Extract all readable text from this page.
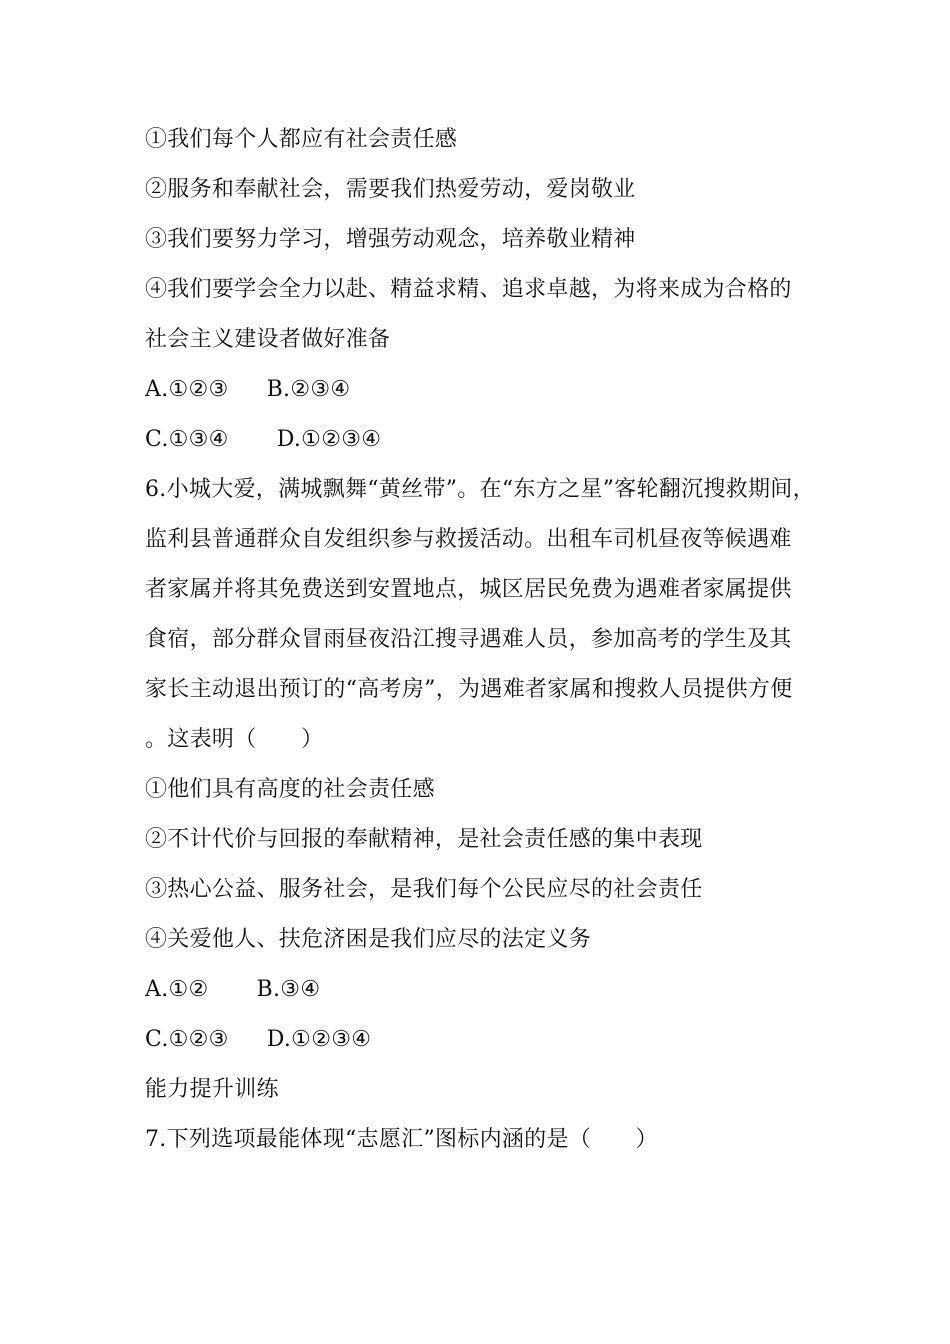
①我们每个人都应有社会责任感
②服务和奉献社会，需要我们热爱劳动，爱岗敬业
③我们要努力学习，增强劳动观念，培养敬业精神
④我们要学会全力以赴、精益求精、追求卓越，为将来成为合格的
社会主义建设者做好准备
A.①②③ B.②③④
C.①③④ D.①②③④
6.小城大爱，满城飘舞“黄丝带”。在“东方之星”客轮翻沉搜救期间，
监利县普通群众自发组织参与救援活动。出租车司机昼夜等候遇难
者家属并将其免费送到安置地点，城区居民免费为遇难者家属提供
食宿，部分群众冒雨昼夜沿江搜寻遇难人员，参加高考的学生及其
家长主动退出预订的“高考房”，为遇难者家属和搜救人员提供方便
。这表明（　　）
①他们具有高度的社会责任感
②不计代价与回报的奉献精神，是社会责任感的集中表现
③热心公益、服务社会，是我们每个公民应尽的社会责任
④关爱他人、扶危济困是我们应尽的法定义务
A.①② B.③④
C.①②③ D.①②③④
能力提升训练
7.下列选项最能体现“志愿汇”图标内涵的是（　　）
